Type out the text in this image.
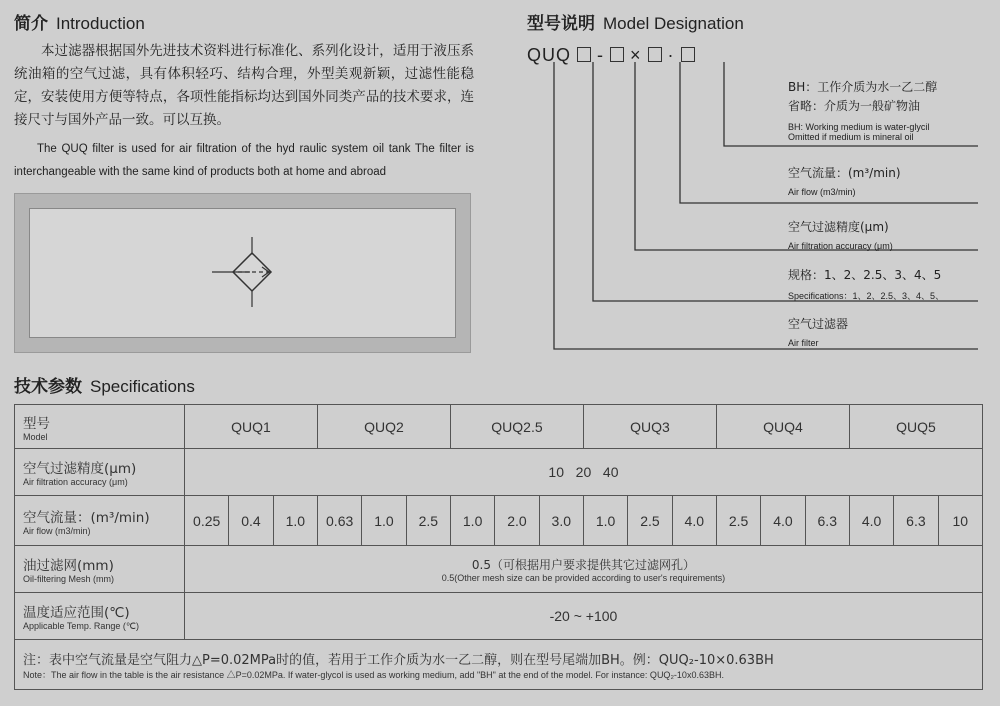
简介 Introduction
本过滤器根据国外先进技术资料进行标准化、系列化设计，适用于液压系统油箱的空气过滤，具有体积轻巧、结构合理，外型美观新颖，过滤性能稳定，安装使用方便等特点，各项性能指标均达到国外同类产品的技术要求，连接尺寸与国外产品一致。可以互换。
The QUQ filter is used for air filtration of the hyd raulic system oil tank The filter is interchangeable with the same kind of products both at home and abroad
型号说明 Model Designation
QUQ - × ·
BH：工作介质为水一乙二醇
省略：介质为一般矿物油
BH: Working medium is water-glycil
Omitted if medium is mineral oil
空气流量：(m³/min)
Air flow (m3/min)
空气过滤精度(μm)
Air filtration accuracy (μm)
规格：1、2、2.5、3、4、5
Specifications：1、2、2.5、3、4、5、
空气过滤器
Air filter
技术参数 Specifications
型号
Model	QUQ1			QUQ2			QUQ2.5			QUQ3			QUQ4			QUQ5		

空气过滤精度(μm)
Air filtration accuracy (μm)	10   20   40																	

空气流量：(m³/min)
Air flow (m3/min)	0.25	0.4	1.0	0.63	1.0	2.5	1.0	2.0	3.0	1.0	2.5	4.0	2.5	4.0	6.3	4.0	6.3	10

油过滤网(mm)
Oil-filtering Mesh (mm)	0.5（可根据用户要求提供其它过滤网孔）
0.5(Other mesh size can be provided according to user's requirements)																	

温度适应范围(℃)
Applicable Temp. Range (℃)	-20 ~ +100																	

注：表中空气流量是空气阻力△P=0.02MPa时的值，若用于工作介质为水一乙二醇，则在型号尾端加BH。例：QUQ₂-10×0.63BH
Note：The air flow in the table is the air resistance △P=0.02MPa. If water-glycol is used as working medium, add "BH" at the end of the model. For instance: QUQ₂-10x0.63BH.																		
